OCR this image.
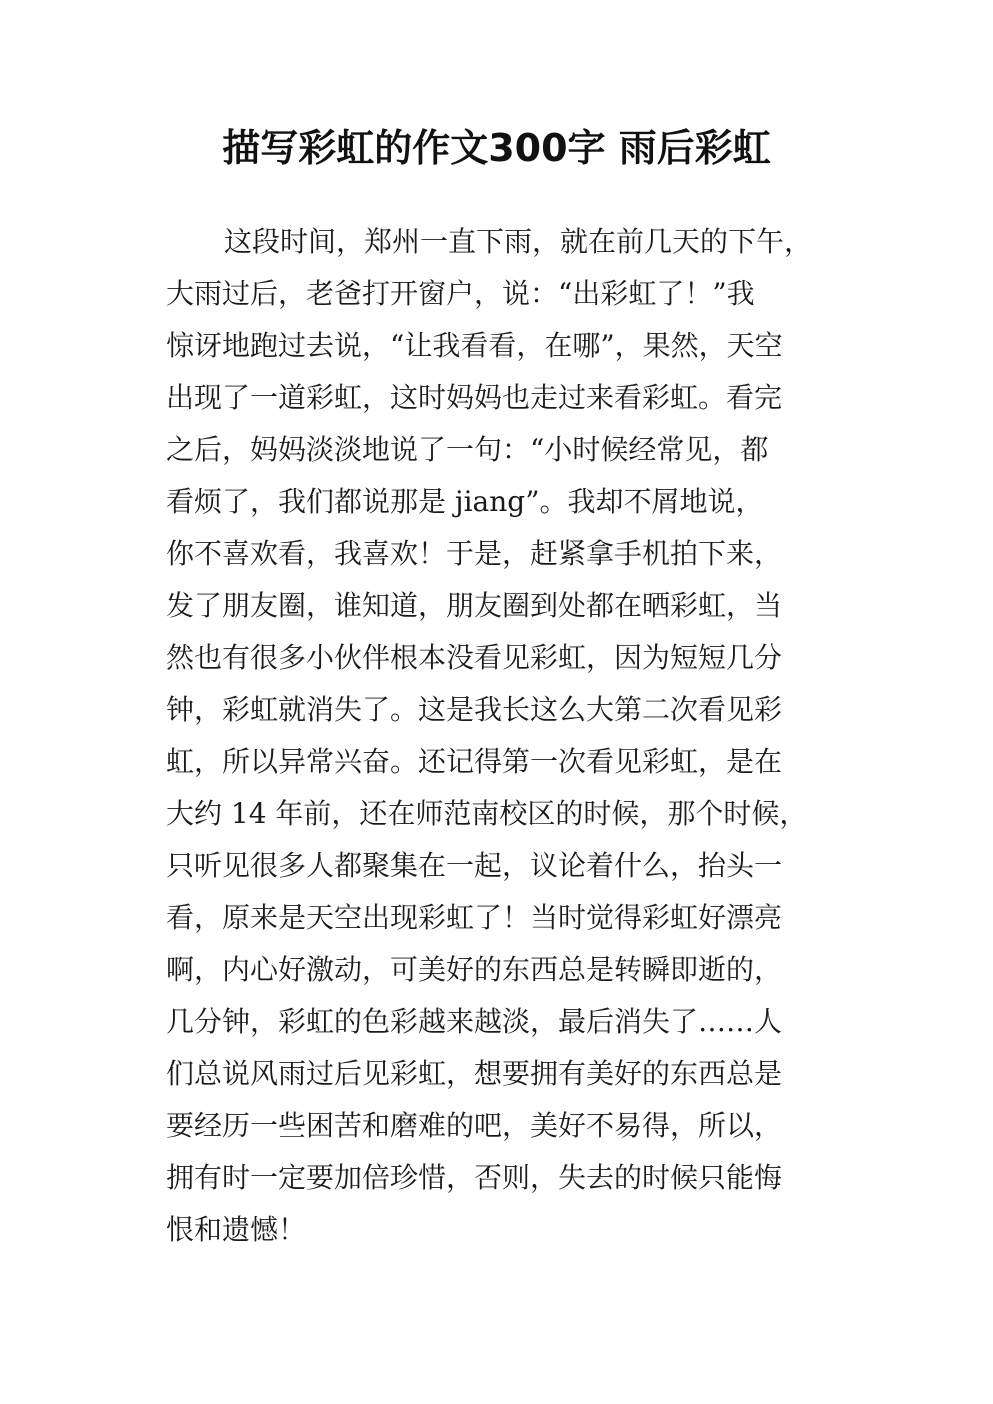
描写彩虹的作文300字 雨后彩虹
这段时间，郑州一直下雨，就在前几天的下午，
大雨过后，老爸打开窗户，说：“出彩虹了！”我
惊讶地跑过去说，“让我看看，在哪”，果然，天空
出现了一道彩虹，这时妈妈也走过来看彩虹。看完
之后，妈妈淡淡地说了一句：“小时候经常见，都
看烦了，我们都说那是 jiang”。我却不屑地说，
你不喜欢看，我喜欢！于是，赶紧拿手机拍下来，
发了朋友圈，谁知道，朋友圈到处都在晒彩虹，当
然也有很多小伙伴根本没看见彩虹，因为短短几分
钟，彩虹就消失了。这是我长这么大第二次看见彩
虹，所以异常兴奋。还记得第一次看见彩虹，是在
大约 14 年前，还在师范南校区的时候，那个时候，
只听见很多人都聚集在一起，议论着什么，抬头一
看，原来是天空出现彩虹了！当时觉得彩虹好漂亮
啊，内心好激动，可美好的东西总是转瞬即逝的，
几分钟，彩虹的色彩越来越淡，最后消失了……人
们总说风雨过后见彩虹，想要拥有美好的东西总是
要经历一些困苦和磨难的吧，美好不易得，所以，
拥有时一定要加倍珍惜，否则，失去的时候只能悔
恨和遗憾！
